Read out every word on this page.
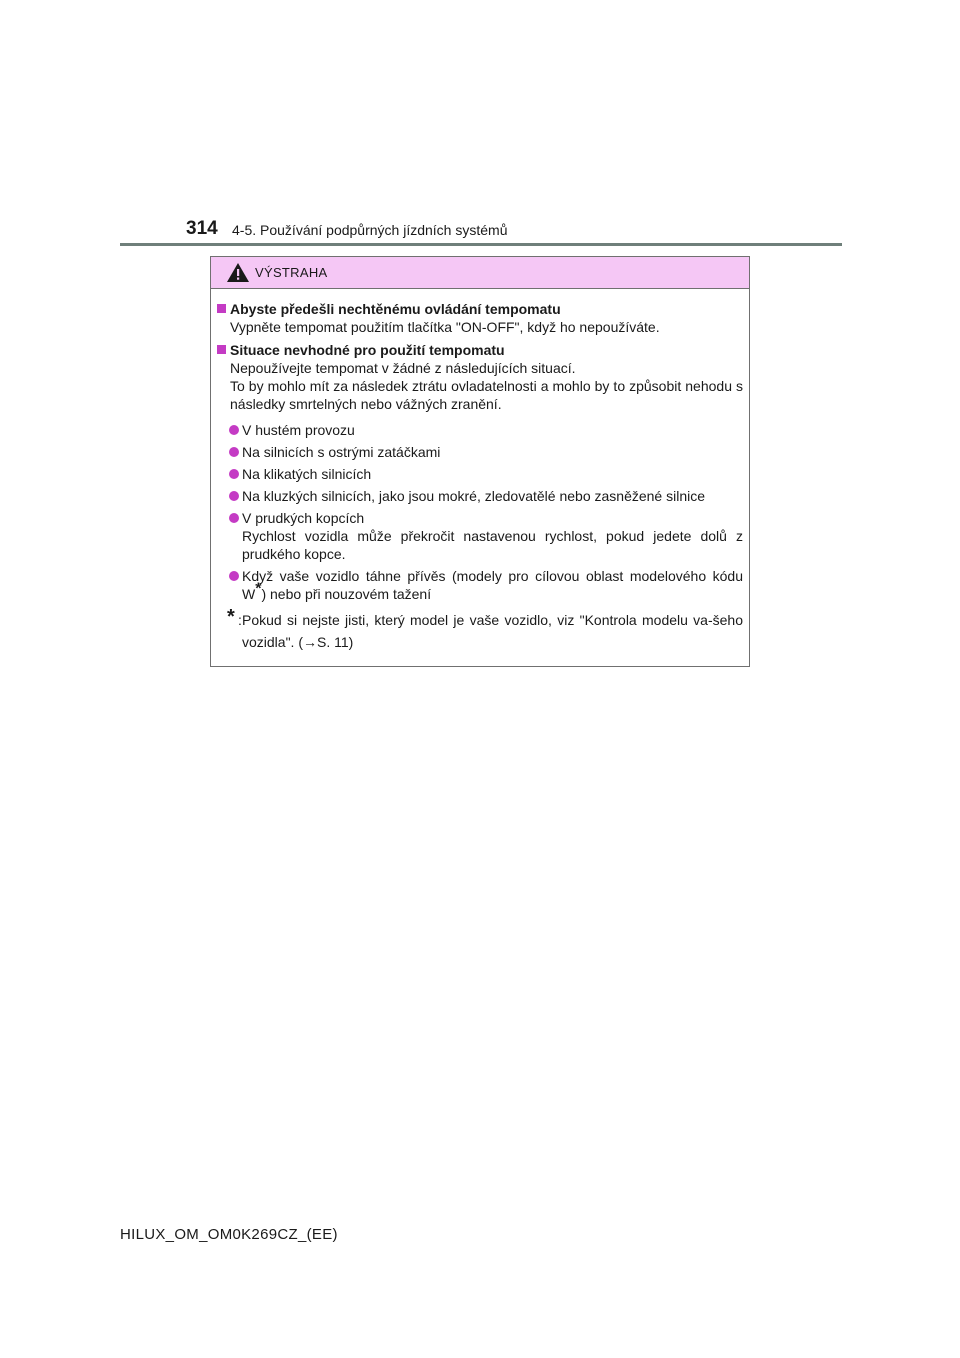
314 4-5. Používání podpůrných jízdních systémů
VÝSTRAHA
Abyste předešli nechtěnému ovládání tempomatu
Vypněte tempomat použitím tlačítka "ON-OFF", když ho nepoužíváte.
Situace nevhodné pro použití tempomatu
Nepoužívejte tempomat v žádné z následujících situací.
To by mohlo mít za následek ztrátu ovladatelnosti a mohlo by to způsobit nehodu s následky smrtelných nebo vážných zranění.
V hustém provozu
Na silnicích s ostrými zatáčkami
Na klikatých silnicích
Na kluzkých silnicích, jako jsou mokré, zledovatělé nebo zasněžené silnice
V prudkých kopcích
Rychlost vozidla může překročit nastavenou rychlost, pokud jedete dolů z prudkého kopce.
Když vaše vozidlo táhne přívěs (modely pro cílovou oblast modelového kódu W*) nebo při nouzovém tažení
* : Pokud si nejste jisti, který model je vaše vozidlo, viz "Kontrola modelu va-šeho vozidla". (→S. 11)
HILUX_OM_OM0K269CZ_(EE)
